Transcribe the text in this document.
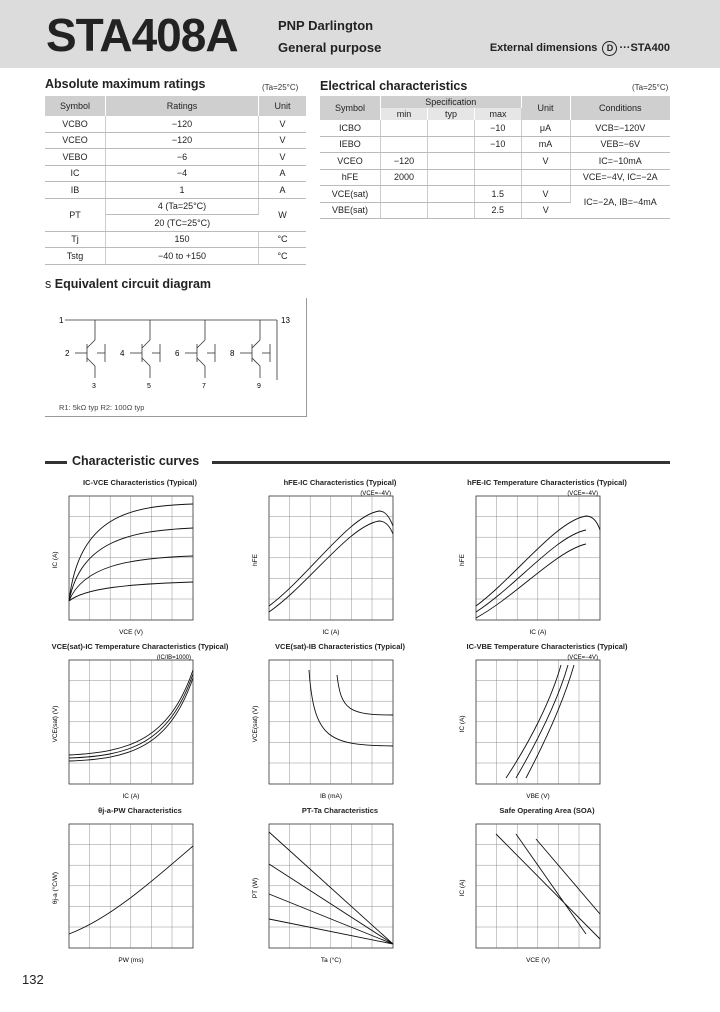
STA408A	PNP Darlington
General purpose	External dimensions D ···STA400
Absolute maximum ratings	(Ta=25°C)
Symbol	Ratings	Unit
VCBO	−120	V
VCEO	−120	V
VEBO	−6	V
IC	−4	A
IB	1	A
PT	4 (Ta=25°C)	W
	20 (TC=25°C)	
Tj	150	°C
Tstg	−40 to +150	°C
Electrical characteristics	(Ta=25°C)
Symbol	Specification			Unit	Conditions
	min	typ	max		
ICBO			−10	μA	VCB=−120V
IEBO			−10	mA	VEB=−6V
VCEO	−120			V	IC=−10mA
hFE	2000				VCE=−4V, IC=−2A
VCE(sat)			1.5	V	IC=−2A, IB=−4mA
VBE(sat)			2.5	V	
s Equivalent circuit diagram
1	13
2	4	6	8
3	5	7	9
R1: 5kΩ typ R2: 100Ω typ
Characteristic curves
IC-VCE Characteristics (Typical)
VCE (V)
IC (A)
hFE-IC Characteristics (Typical)
IC (A)
hFE
(VCE=−4V)
hFE-IC Temperature Characteristics (Typical)
IC (A)
hFE
(VCE=−4V)
VCE(sat)-IC Temperature Characteristics (Typical)
IC (A)
VCE(sat) (V)
(IC/IB=1000)
VCE(sat)-IB Characteristics (Typical)
IB (mA)
VCE(sat) (V)
IC-VBE Temperature Characteristics (Typical)
VBE (V)
IC (A)
(VCE=−4V)
θj-a-PW Characteristics
PW (ms)
θj-a (°C/W)
PT-Ta Characteristics
Ta (°C)
PT (W)
Safe Operating Area (SOA)
VCE (V)
IC (A)
132
